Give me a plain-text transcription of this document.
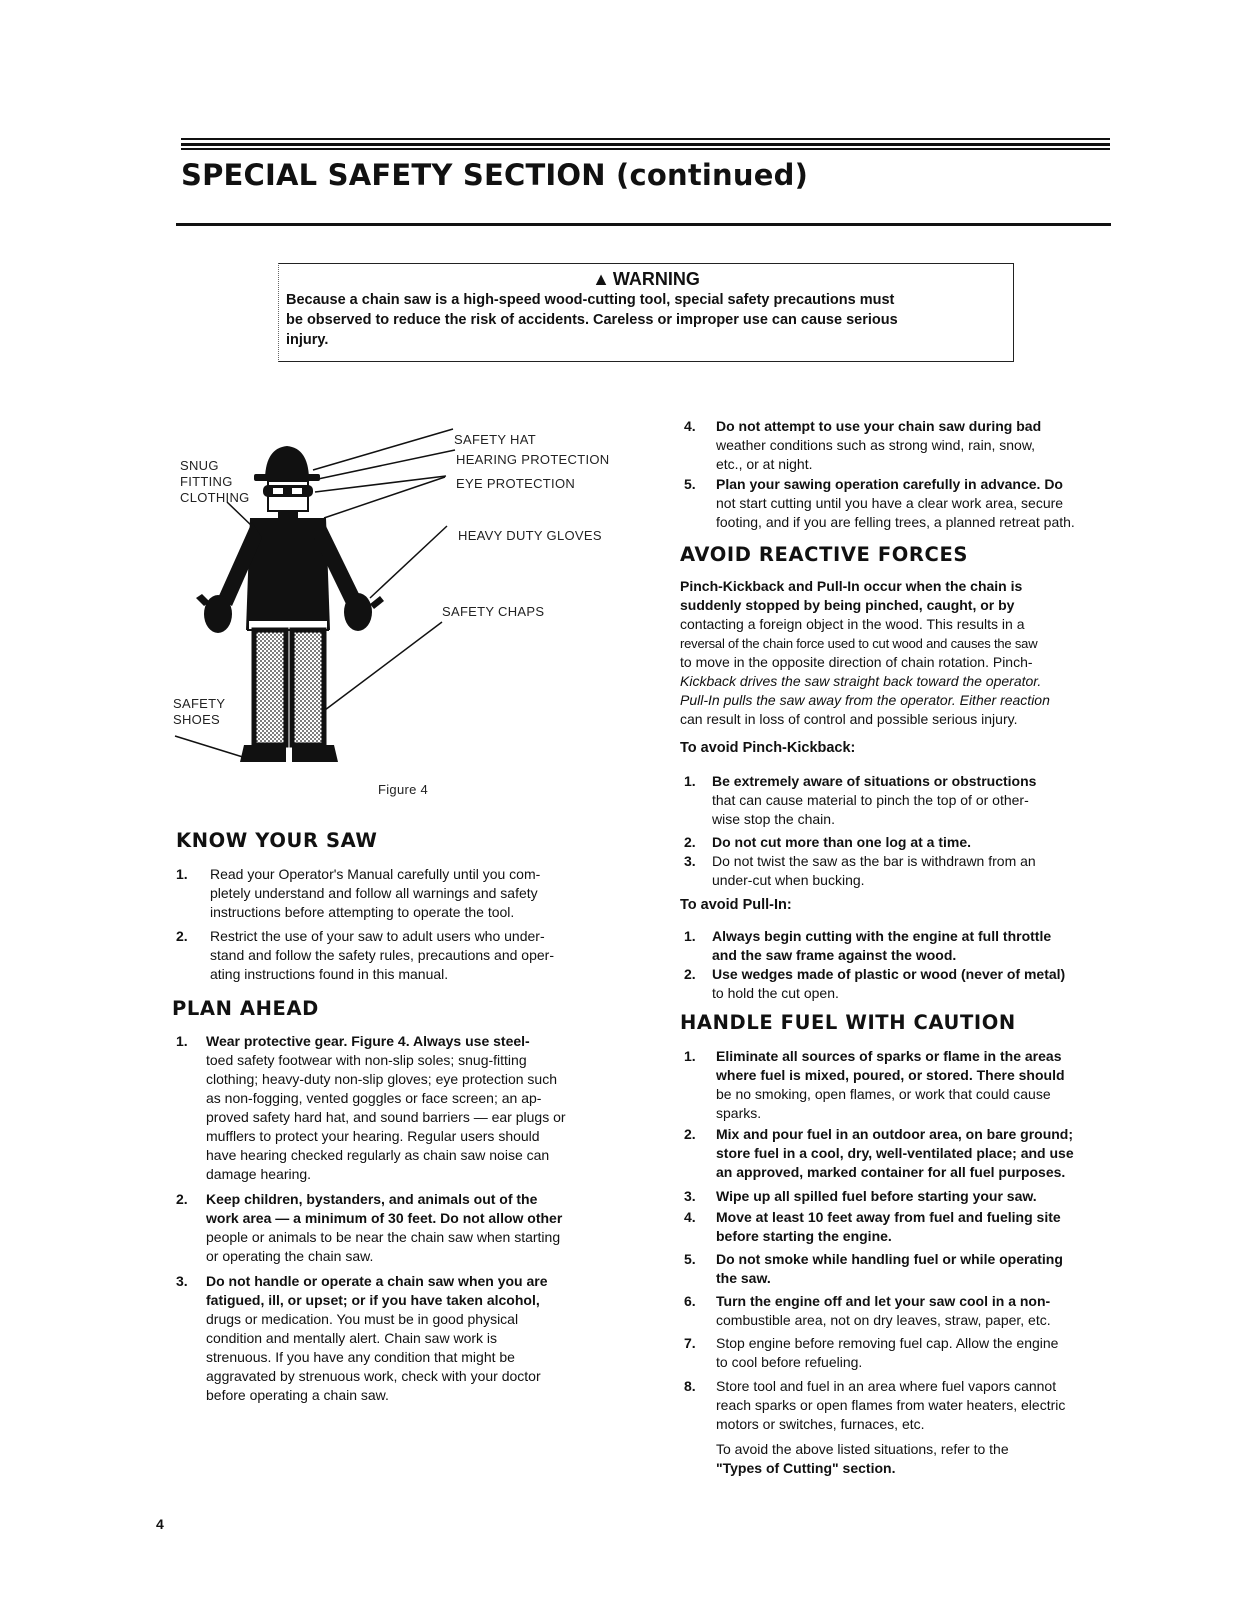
SPECIAL SAFETY SECTION (continued)
▲ WARNING
Because a chain saw is a high-speed wood-cutting tool, special safety precautions must
be observed to reduce the risk of accidents. Careless or improper use can cause serious
injury.
SAFETY HAT
HEARING PROTECTION
EYE PROTECTION
HEAVY DUTY GLOVES
SAFETY CHAPS
SNUG
FITTING
CLOTHING
SAFETY
SHOES
Figure 4
KNOW YOUR SAW
1. Read your Operator's Manual carefully until you com-
pletely understand and follow all warnings and safety
instructions before attempting to operate the tool.
2. Restrict the use of your saw to adult users who under-
stand and follow the safety rules, precautions and oper-
ating instructions found in this manual.
PLAN AHEAD
1. Wear protective gear. Figure 4. Always use steel-
toed safety footwear with non-slip soles; snug-fitting
clothing; heavy-duty non-slip gloves; eye protection such
as non-fogging, vented goggles or face screen; an ap-
proved safety hard hat, and sound barriers — ear plugs or
mufflers to protect your hearing. Regular users should
have hearing checked regularly as chain saw noise can
damage hearing.
2. Keep children, bystanders, and animals out of the
work area — a minimum of 30 feet. Do not allow other
people or animals to be near the chain saw when starting
or operating the chain saw.
3. Do not handle or operate a chain saw when you are
fatigued, ill, or upset; or if you have taken alcohol,
drugs or medication. You must be in good physical
condition and mentally alert. Chain saw work is
strenuous. If you have any condition that might be
aggravated by strenuous work, check with your doctor
before operating a chain saw.
4
4. Do not attempt to use your chain saw during bad
weather conditions such as strong wind, rain, snow,
etc., or at night.
5. Plan your sawing operation carefully in advance. Do
not start cutting until you have a clear work area, secure
footing, and if you are felling trees, a planned retreat path.
AVOID REACTIVE FORCES
Pinch-Kickback and Pull-In occur when the chain is
suddenly stopped by being pinched, caught, or by
contacting a foreign object in the wood. This results in a
reversal of the chain force used to cut wood and causes the saw
to move in the opposite direction of chain rotation. Pinch-
Kickback drives the saw straight back toward the operator.
Pull-In pulls the saw away from the operator. Either reaction
can result in loss of control and possible serious injury.
To avoid Pinch-Kickback:
1. Be extremely aware of situations or obstructions
that can cause material to pinch the top of or other-
wise stop the chain.
2. Do not cut more than one log at a time.
3. Do not twist the saw as the bar is withdrawn from an
under-cut when bucking.
To avoid Pull-In:
1. Always begin cutting with the engine at full throttle
and the saw frame against the wood.
2. Use wedges made of plastic or wood (never of metal)
to hold the cut open.
HANDLE FUEL WITH CAUTION
1. Eliminate all sources of sparks or flame in the areas
where fuel is mixed, poured, or stored. There should
be no smoking, open flames, or work that could cause
sparks.
2. Mix and pour fuel in an outdoor area, on bare ground;
store fuel in a cool, dry, well-ventilated place; and use
an approved, marked container for all fuel purposes.
3. Wipe up all spilled fuel before starting your saw.
4. Move at least 10 feet away from fuel and fueling site
before starting the engine.
5. Do not smoke while handling fuel or while operating
the saw.
6. Turn the engine off and let your saw cool in a non-
combustible area, not on dry leaves, straw, paper, etc.
7. Stop engine before removing fuel cap. Allow the engine
to cool before refueling.
8. Store tool and fuel in an area where fuel vapors cannot
reach sparks or open flames from water heaters, electric
motors or switches, furnaces, etc.
To avoid the above listed situations, refer to the
"Types of Cutting" section.
